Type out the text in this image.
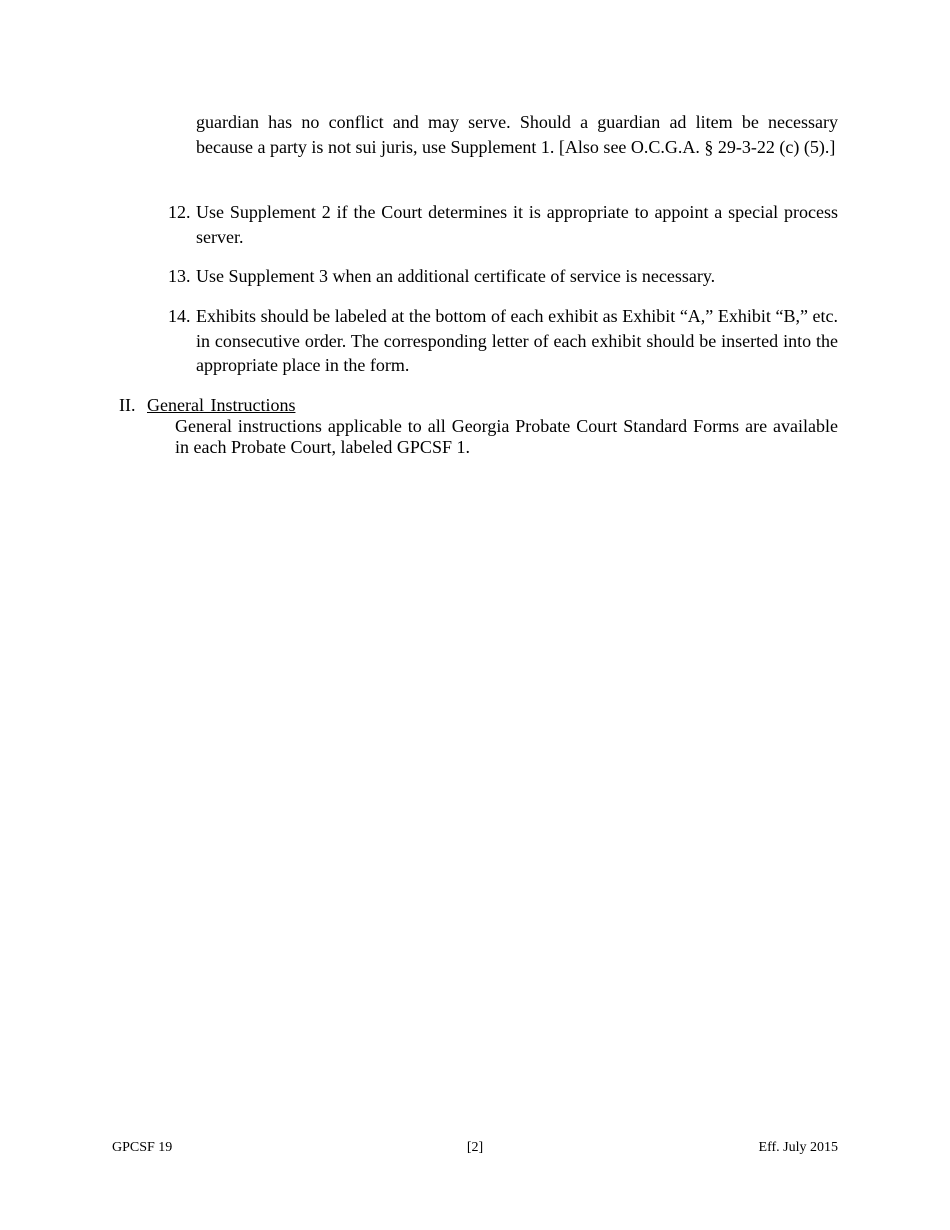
guardian has no conflict and may serve. Should a guardian ad litem be necessary because a party is not sui juris, use Supplement 1. [Also see O.C.G.A. § 29-3-22 (c) (5).]
12. Use Supplement 2 if the Court determines it is appropriate to appoint a special process server.
13. Use Supplement 3 when an additional certificate of service is necessary.
14. Exhibits should be labeled at the bottom of each exhibit as Exhibit “A,” Exhibit “B,” etc. in consecutive order. The corresponding letter of each exhibit should be inserted into the appropriate place in the form.
II. General Instructions
General instructions applicable to all Georgia Probate Court Standard Forms are available in each Probate Court, labeled GPCSF 1.
GPCSF 19	[2]	Eff. July 2015
